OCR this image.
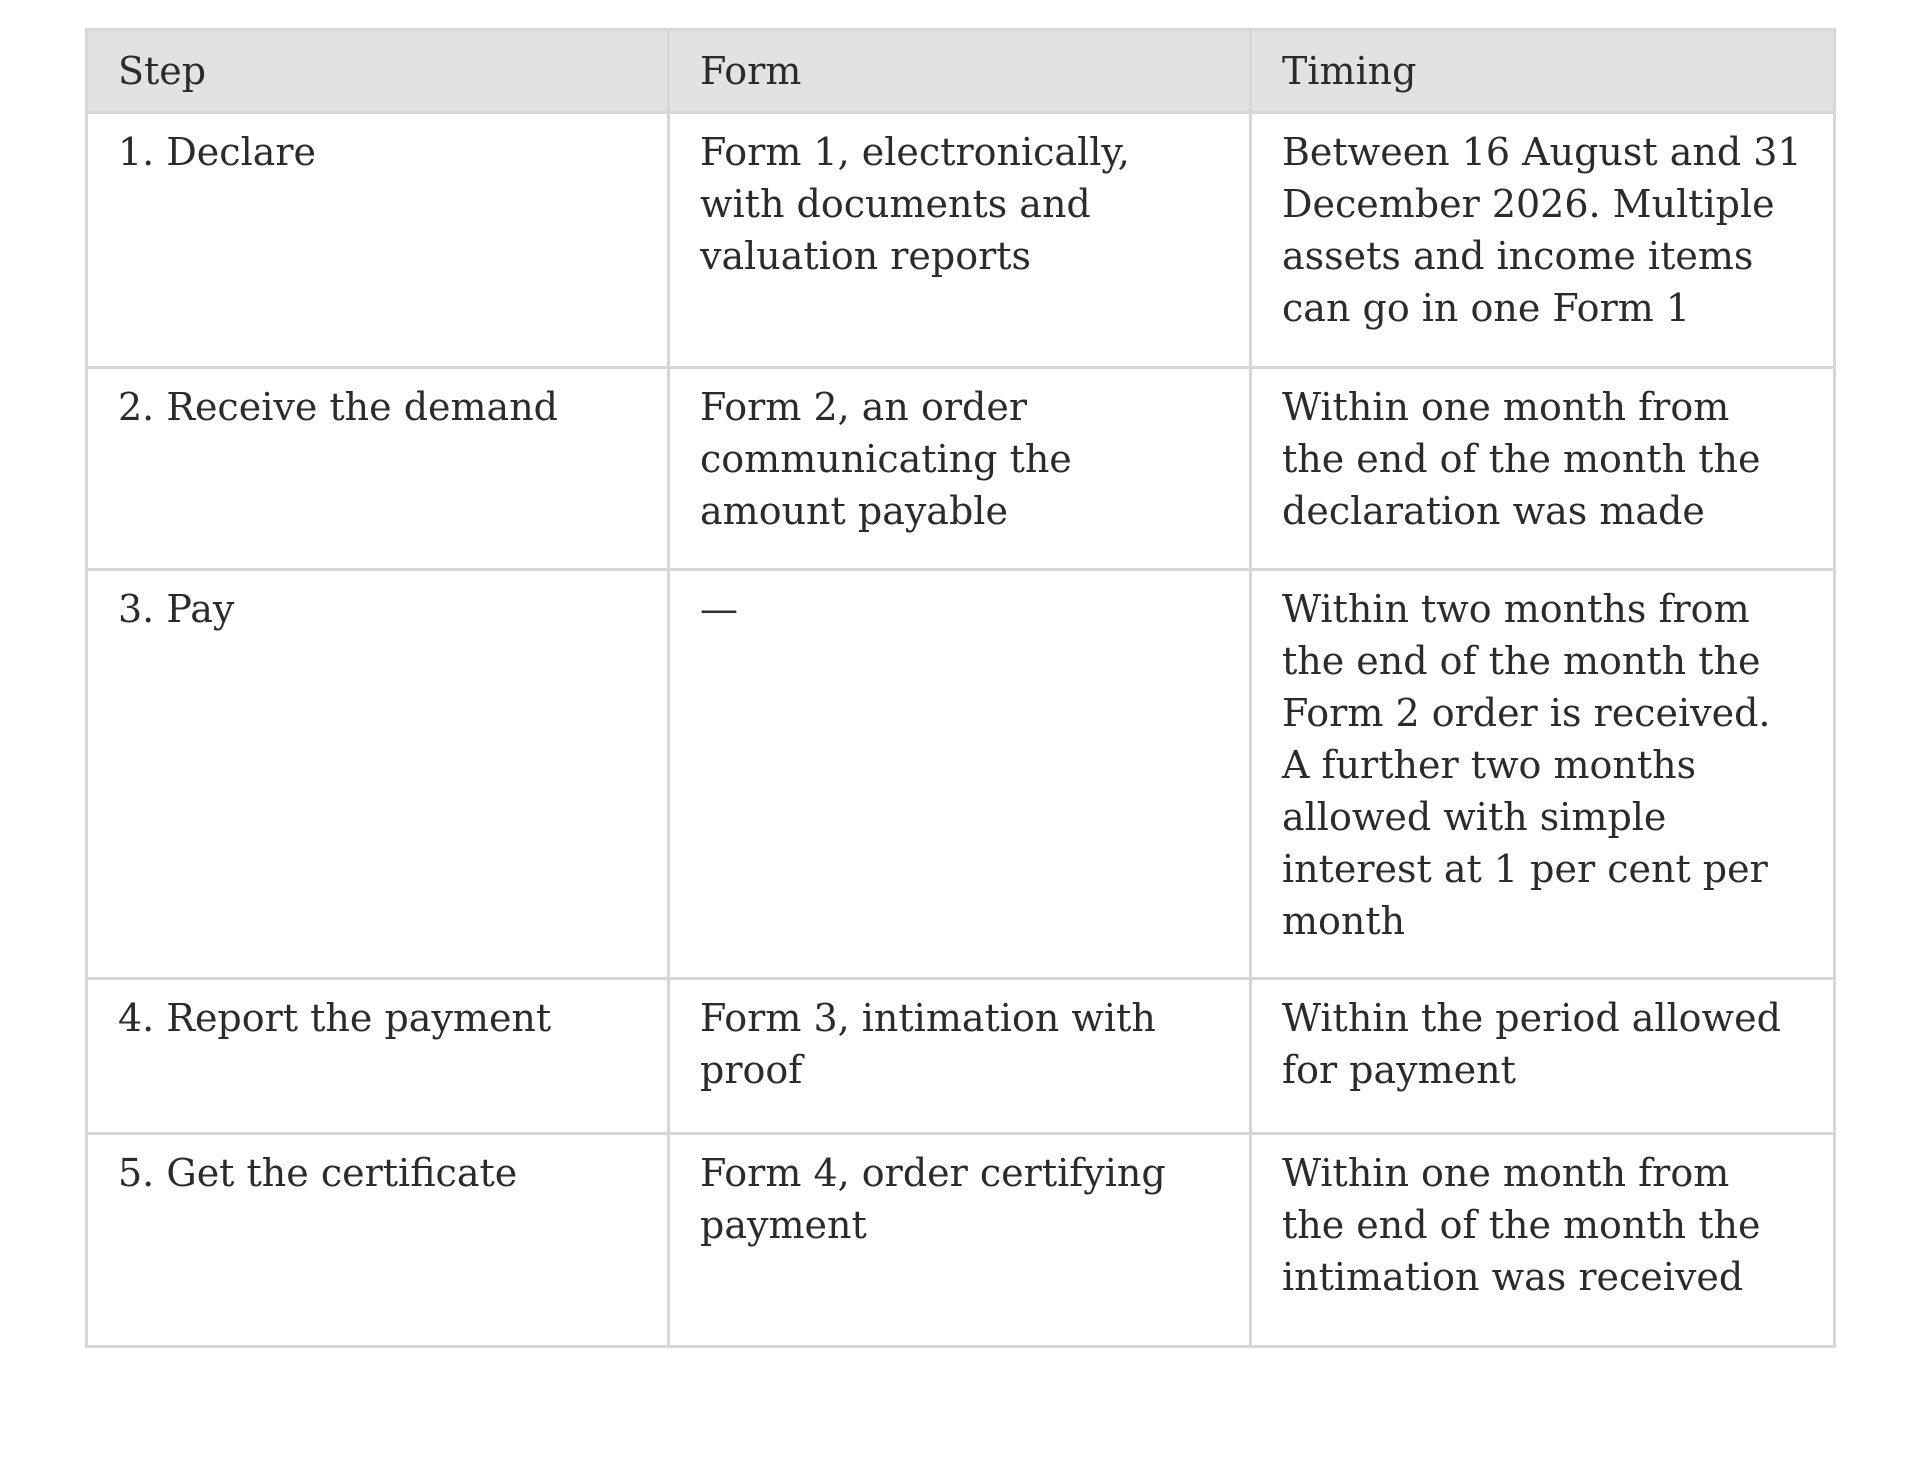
Step	Form	Timing
1. Declare	Form 1, electronically, with documents and valuation reports	Between 16 August and 31 December 2026. Multiple assets and income items can go in one Form 1
2. Receive the demand	Form 2, an order communicating the amount payable	Within one month from the end of the month the declaration was made
3. Pay	—	Within two months from the end of the month the Form 2 order is received. A further two months allowed with simple interest at 1 per cent per month
4. Report the payment	Form 3, intimation with proof	Within the period allowed for payment
5. Get the certificate	Form 4, order certifying payment	Within one month from the end of the month the intimation was received
